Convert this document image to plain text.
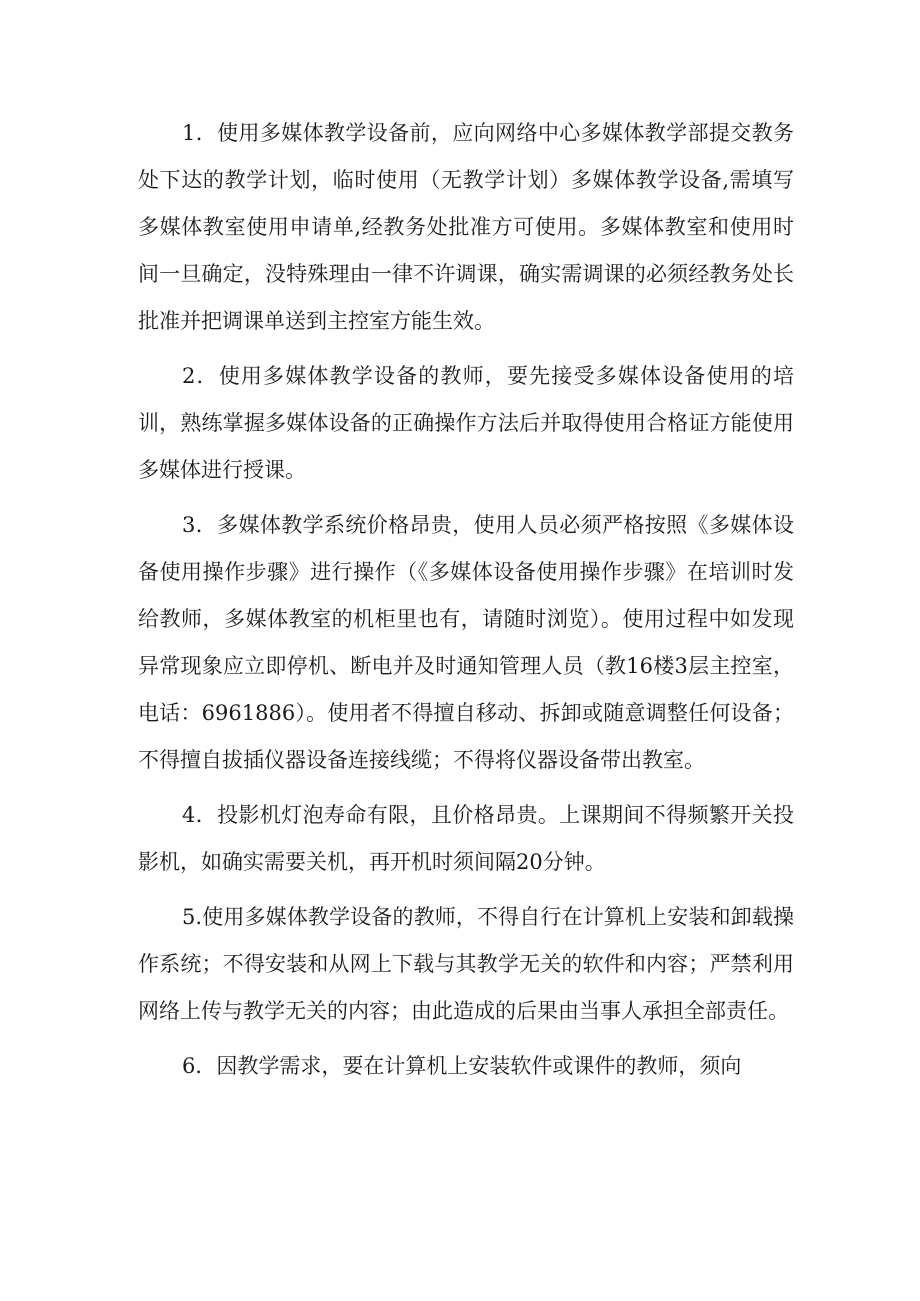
1．使用多媒体教学设备前，应向网络中心多媒体教学部提交教务处下达的教学计划，临时使用（无教学计划）多媒体教学设备,需填写多媒体教室使用申请单,经教务处批准方可使用。多媒体教室和使用时间一旦确定，没特殊理由一律不许调课，确实需调课的必须经教务处长批准并把调课单送到主控室方能生效。

2．使用多媒体教学设备的教师，要先接受多媒体设备使用的培训，熟练掌握多媒体设备的正确操作方法后并取得使用合格证方能使用多媒体进行授课。

3．多媒体教学系统价格昂贵，使用人员必须严格按照《多媒体设备使用操作步骤》进行操作（《多媒体设备使用操作步骤》在培训时发给教师，多媒体教室的机柜里也有，请随时浏览）。使用过程中如发现异常现象应立即停机、断电并及时通知管理人员（教16楼3层主控室，电话：6961886）。使用者不得擅自移动、拆卸或随意调整任何设备；不得擅自拔插仪器设备连接线缆；不得将仪器设备带出教室。

4．投影机灯泡寿命有限，且价格昂贵。上课期间不得频繁开关投影机，如确实需要关机，再开机时须间隔20分钟。

5.使用多媒体教学设备的教师，不得自行在计算机上安装和卸载操作系统；不得安装和从网上下载与其教学无关的软件和内容；严禁利用网络上传与教学无关的内容；由此造成的后果由当事人承担全部责任。

6．因教学需求，要在计算机上安装软件或课件的教师，须向
